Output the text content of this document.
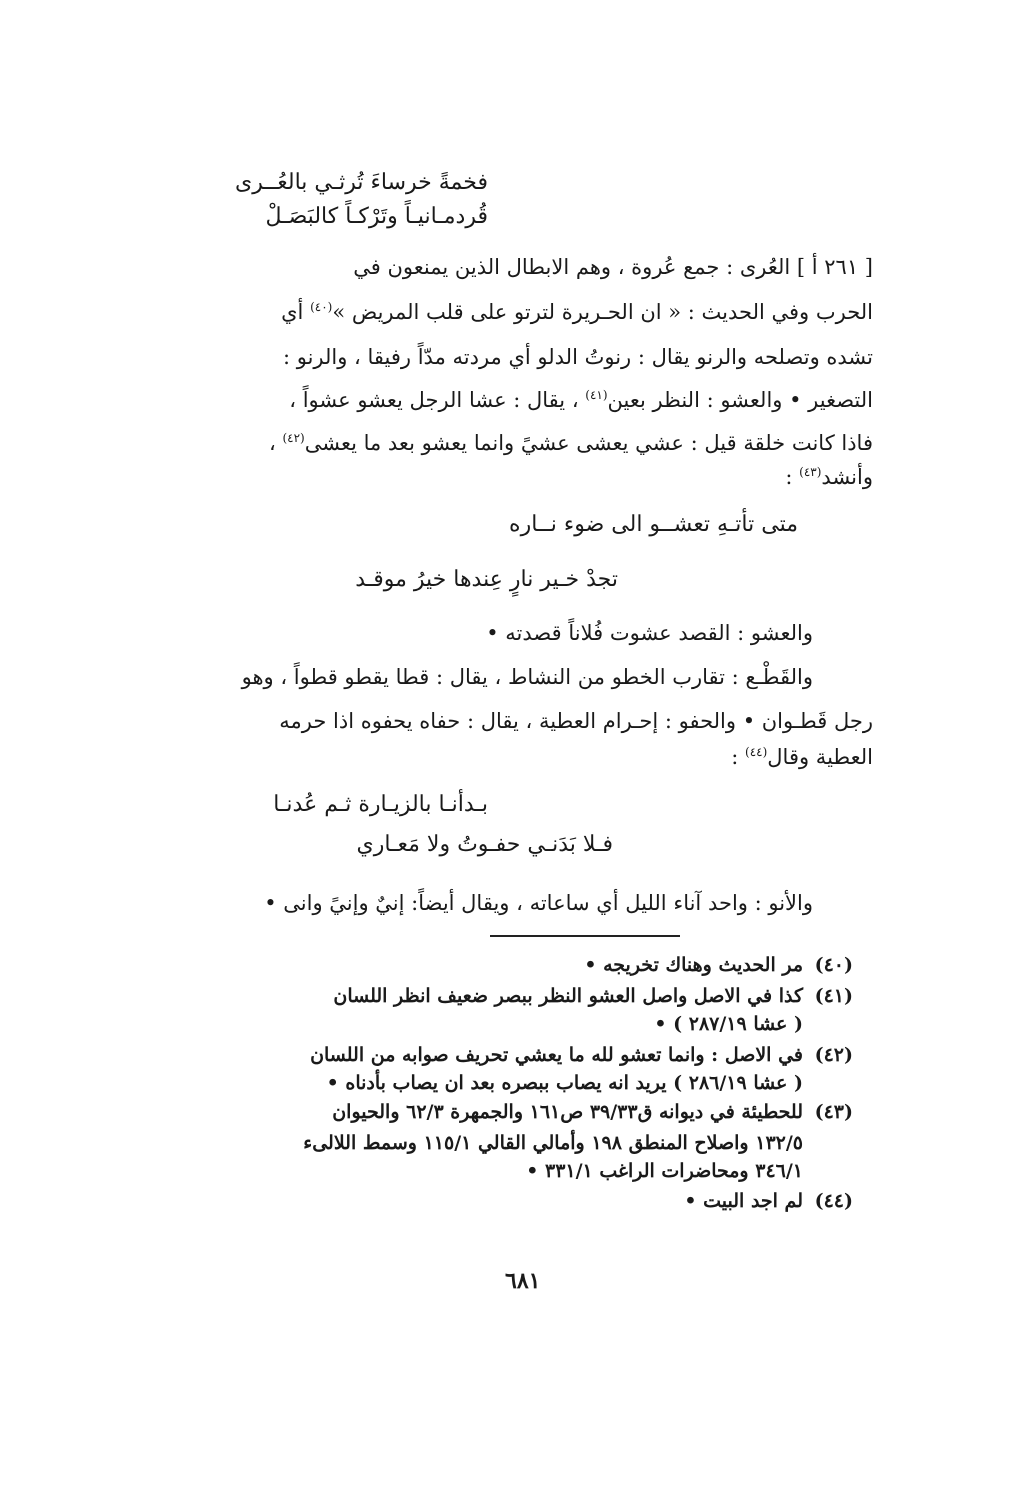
فخمةً خرساءَ تُرثـي بالعُــرى
قُردمـانيـاً وتَرْكـاً كالبَصَـلْ
[ ٢٦١ أ ] العُرى : جمع عُروة ، وهم الابطال الذين يمنعون في
الحرب وفي الحديث : « ان الحـريرة لترتو على قلب المريض »$^{(٤٠)}$ أي
تشده وتصلحه والرنو يقال : رنوتُ الدلو أي مردته مدّاً رفيقا ، والرنو :
التصغير • والعشو : النظر بعين$^{(٤١)}$ ، يقال : عشا الرجل يعشو عشواً ،
فاذا كانت خلقة قيل : عشي يعشى عشيً وانما يعشو بعد ما يعشى$^{(٤٢)}$ ،
وأنشد$^{(٤٣)}$ :
متى تأتـهِ تعشــو الى ضوء نــاره
تجدْ خـير نارٍ عِندها خيرُ موقـد
والعشو : القصد عشوت فُلاناً قصدته •
والقَطْـع : تقارب الخطو من النشاط ، يقال : قطا يقطو قطواً ، وهو
رجل قَطـوان • والحفو : إحـرام العطية ، يقال : حفاه يحفوه اذا حرمه
العطية وقال$^{(٤٤)}$ :
بـدأنـا بالزيـارة ثـم عُدنـا
فـلا بَدَنـي حفـوتُ ولا مَعـاري
والأنو : واحد آناء الليل أي ساعاته ، ويقال أيضاً: إنيٌ وإنيً وانى •
(٤٠)
مر الحديث وهناك تخريجه •
(٤١)
كذا في الاصل واصل العشو النظر ببصر ضعيف انظر اللسان
( عشا ٢٨٧/١٩ ) •
(٤٢)
في الاصل : وانما تعشو لله ما يعشي تحريف صوابه من اللسان
( عشا ٢٨٦/١٩ ) يريد انه يصاب ببصره بعد ان يصاب بأدناه •
(٤٣)
للحطيئة في ديوانه ق٣٩/٣٣ ص١٦١ والجمهرة ٦٢/٣ والحيوان
١٣٢/٥ واصلاح المنطق ١٩٨ وأمالي القالي ١١٥/١ وسمط اللالىء
٣٤٦/١ ومحاضرات الراغب ٣٣١/١ •
(٤٤)
لم اجد البيت •
٦٨١
